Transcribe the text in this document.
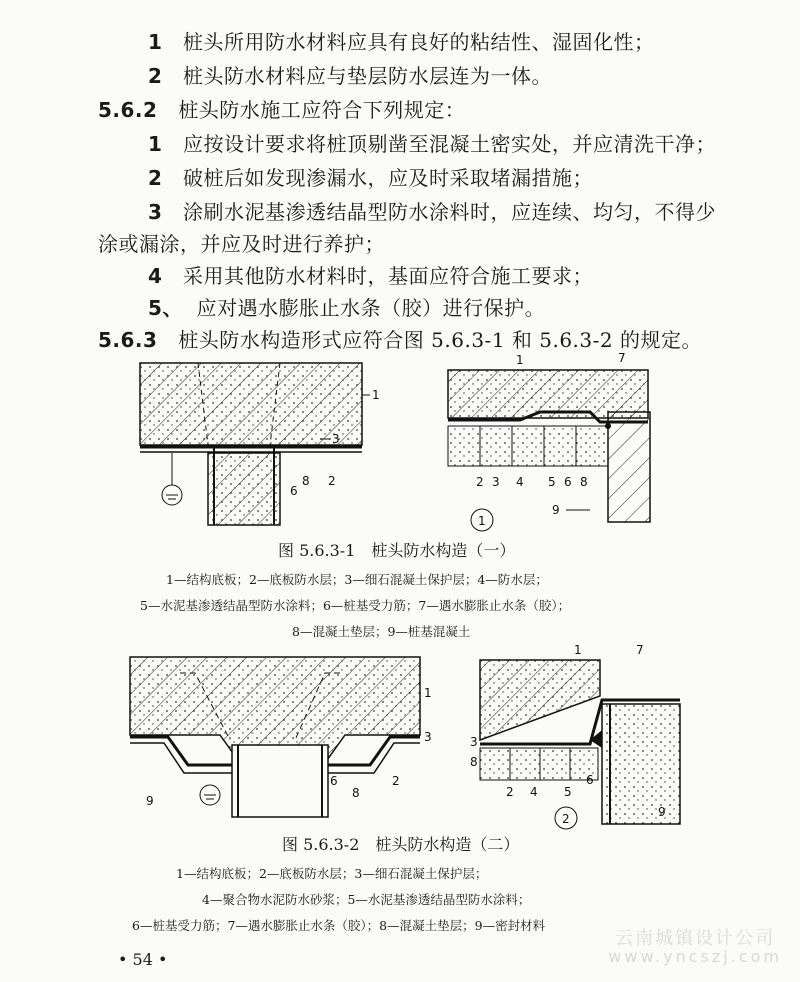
1 桩头所用防水材料应具有良好的粘结性、湿固化性；
2 桩头防水材料应与垫层防水层连为一体。
5.6.2 桩头防水施工应符合下列规定：
1 应按设计要求将桩顶剔凿至混凝土密实处，并应清洗干净；
2 破桩后如发现渗漏水，应及时采取堵漏措施；
3 涂刷水泥基渗透结晶型防水涂料时，应连续、均匀，不得少
涂或漏涂，并应及时进行养护；
4 采用其他防水材料时，基面应符合施工要求；
5、 应对遇水膨胀止水条（胶）进行保护。
5.6.3 桩头防水构造形式应符合图 5.6.3-1 和 5.6.3-2 的规定。
1
3
6
8 2
1	7
2 3 4 5 6 8
9
1
图 5.6.3-1　桩头防水构造（一）
1—结构底板；2—底板防水层；3—细石混凝土保护层；4—防水层；
5—水泥基渗透结晶型防水涂料；6—桩基受力筋；7—遇水膨胀止水条（胶）；
8—混凝土垫层；9—桩基混凝土
1
3
2
8
6
9
1	7
3
8
2 4 5
6
9
2
图 5.6.3-2　桩头防水构造（二）
1—结构底板；2—底板防水层；3—细石混凝土保护层；
4—聚合物水泥防水砂浆；5—水泥基渗透结晶型防水涂料；
6—桩基受力筋；7—遇水膨胀止水条（胶）；8—混凝土垫层；9—密封材料
• 54 •
云南城镇设计公司
www.yncszj.com
